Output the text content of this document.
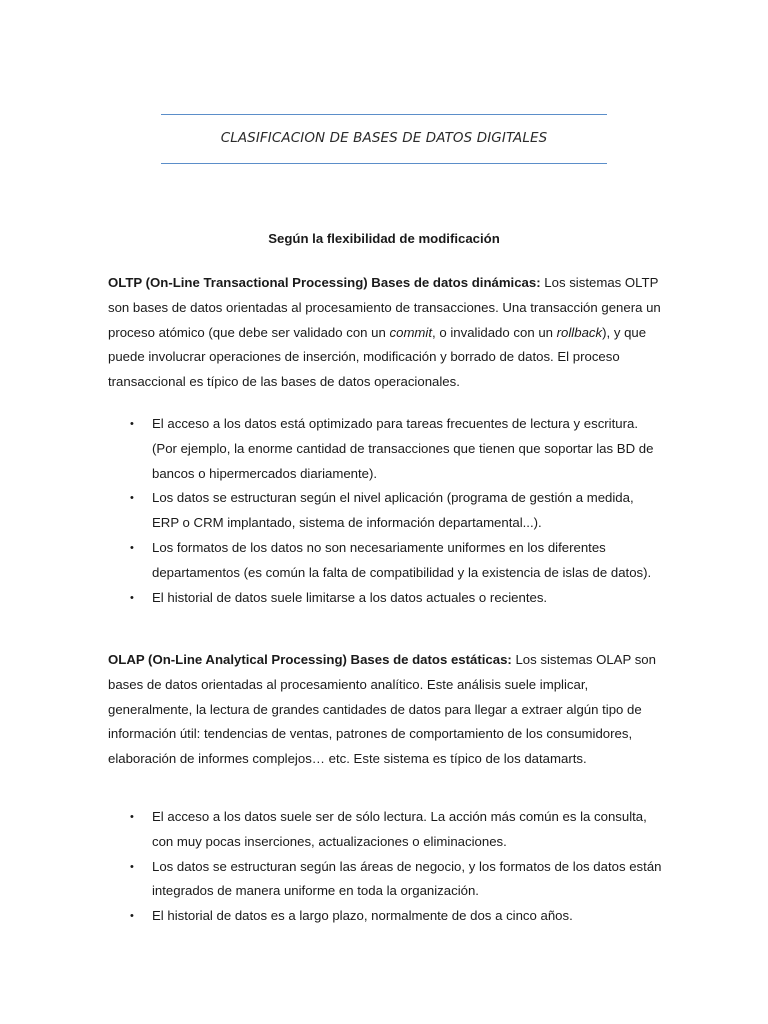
CLASIFICACION DE BASES DE DATOS DIGITALES
Según la flexibilidad de modificación

OLTP (On-Line Transactional Processing) Bases de datos dinámicas: Los sistemas OLTP son bases de datos orientadas al procesamiento de transacciones. Una transacción genera un proceso atómico (que debe ser validado con un commit, o invalidado con un rollback), y que puede involucrar operaciones de inserción, modificación y borrado de datos. El proceso transaccional es típico de las bases de datos operacionales.

• El acceso a los datos está optimizado para tareas frecuentes de lectura y escritura. (Por ejemplo, la enorme cantidad de transacciones que tienen que soportar las BD de bancos o hipermercados diariamente).
• Los datos se estructuran según el nivel aplicación (programa de gestión a medida, ERP o CRM implantado, sistema de información departamental...).
• Los formatos de los datos no son necesariamente uniformes en los diferentes departamentos (es común la falta de compatibilidad y la existencia de islas de datos).
• El historial de datos suele limitarse a los datos actuales o recientes.

OLAP (On-Line Analytical Processing) Bases de datos estáticas: Los sistemas OLAP son bases de datos orientadas al procesamiento analítico. Este análisis suele implicar, generalmente, la lectura de grandes cantidades de datos para llegar a extraer algún tipo de información útil: tendencias de ventas, patrones de comportamiento de los consumidores, elaboración de informes complejos… etc. Este sistema es típico de los datamarts.

• El acceso a los datos suele ser de sólo lectura. La acción más común es la consulta, con muy pocas inserciones, actualizaciones o eliminaciones.
• Los datos se estructuran según las áreas de negocio, y los formatos de los datos están integrados de manera uniforme en toda la organización.
• El historial de datos es a largo plazo, normalmente de dos a cinco años.
